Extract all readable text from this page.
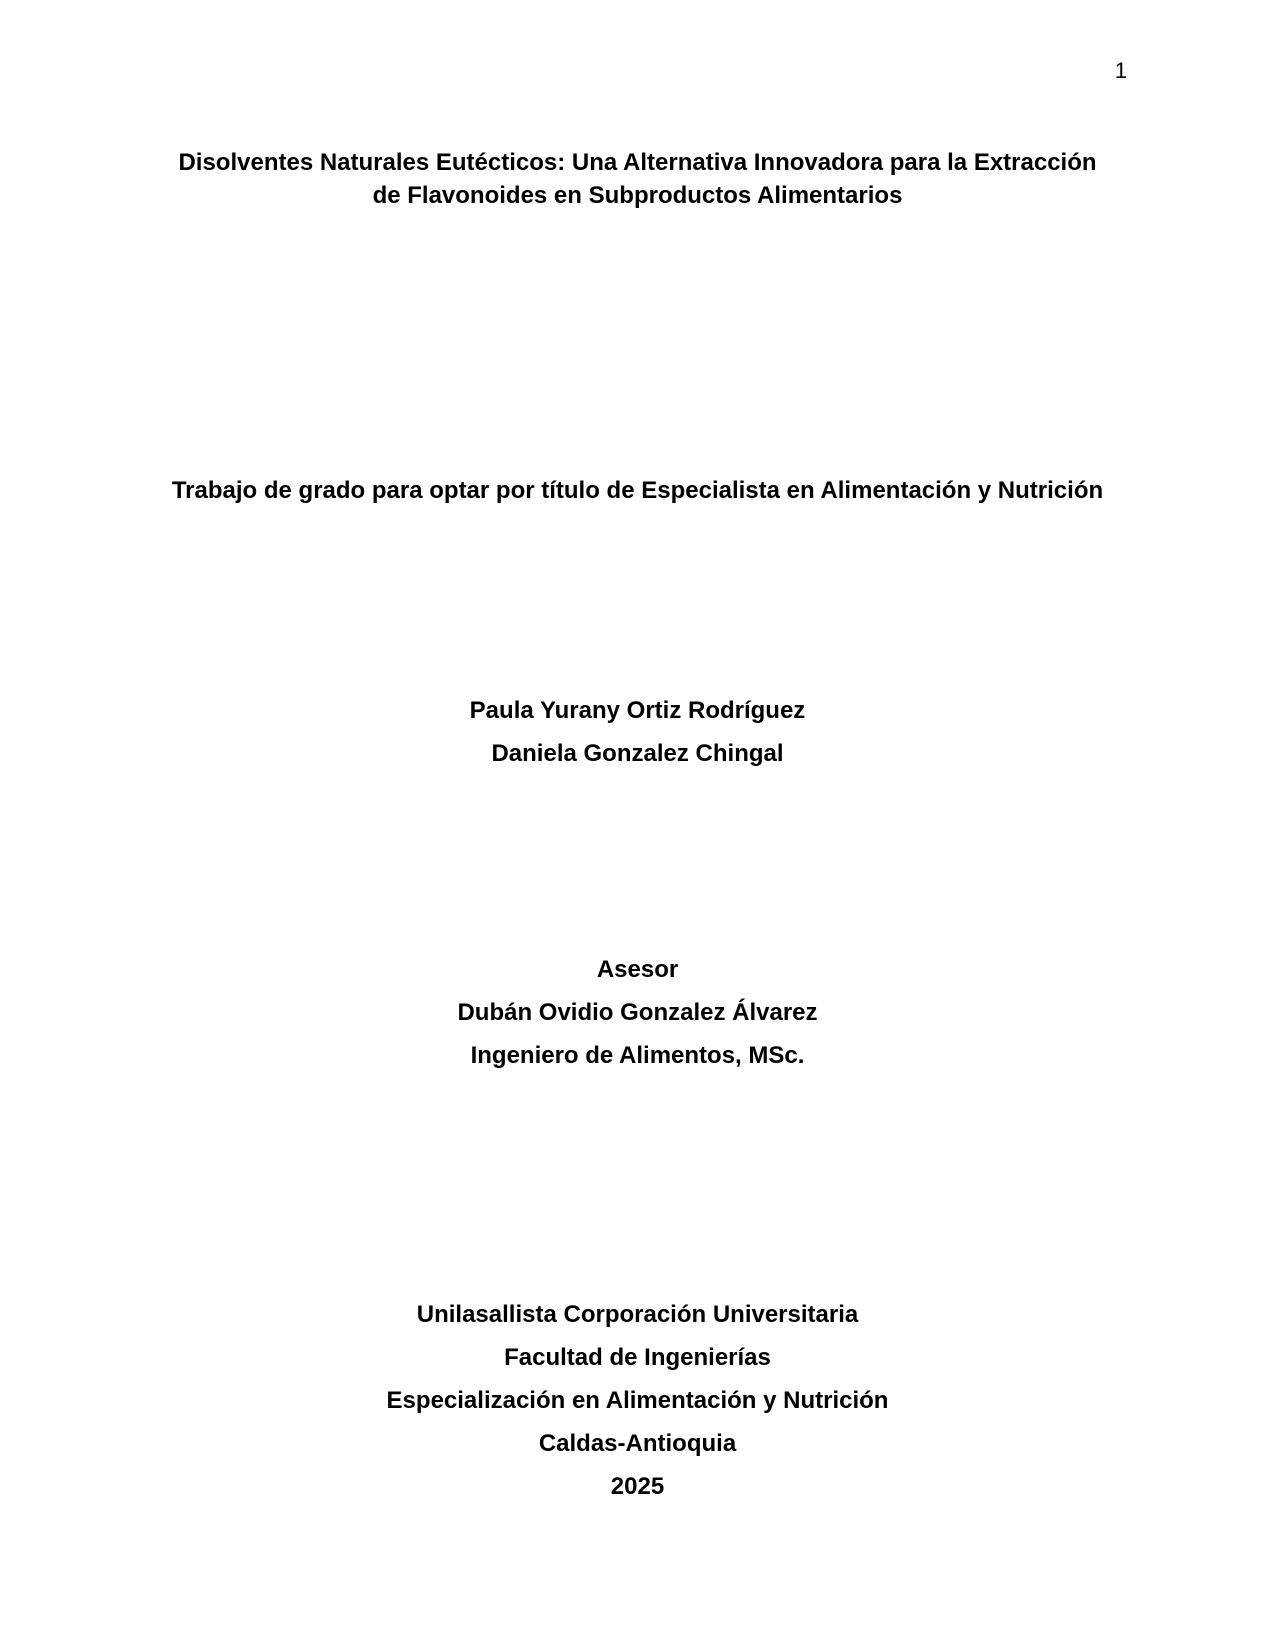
1

Disolventes Naturales Eutécticos: Una Alternativa Innovadora para la Extracción

de Flavonoides en Subproductos Alimentarios

Trabajo de grado para optar por título de Especialista en Alimentación y Nutrición

Paula Yurany Ortiz Rodríguez

Daniela Gonzalez Chingal

Asesor

Dubán Ovidio Gonzalez Álvarez

Ingeniero de Alimentos, MSc.

Unilasallista Corporación Universitaria

Facultad de Ingenierías

Especialización en Alimentación y Nutrición

Caldas-Antioquia

2025
